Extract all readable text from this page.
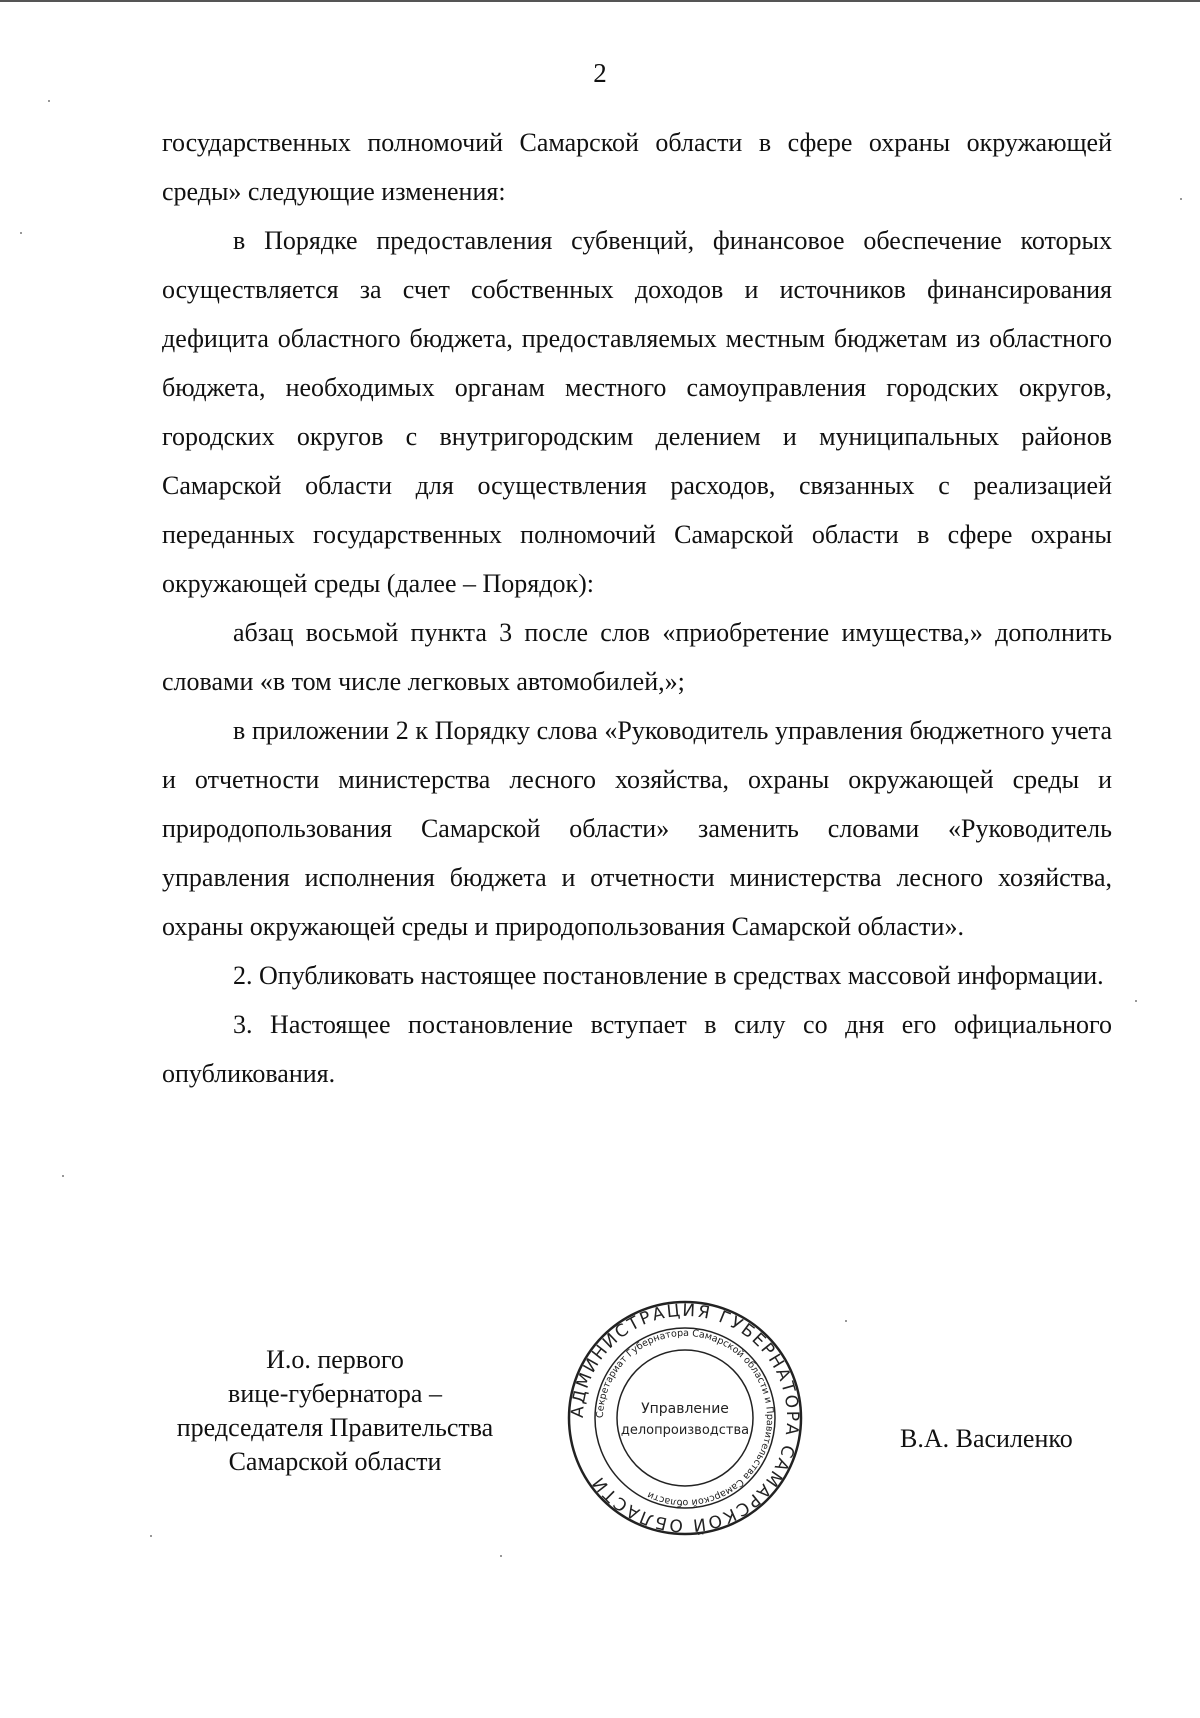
2

государственных полномочий Самарской области в сфере охраны окружающей среды» следующие изменения:

в Порядке предоставления субвенций, финансовое обеспечение которых осуществляется за счет собственных доходов и источников финансирования дефицита областного бюджета, предоставляемых местным бюджетам из областного бюджета, необходимых органам местного самоуправления городских округов, городских округов с внутригородским делением и муниципальных районов Самарской области для осуществления расходов, связанных с реализацией переданных государственных полномочий Самарской области в сфере охраны окружающей среды (далее – Порядок):

абзац восьмой пункта 3 после слов «приобретение имущества,» дополнить словами «в том числе легковых автомобилей,»;

в приложении 2 к Порядку слова «Руководитель управления бюджетного учета и отчетности министерства лесного хозяйства, охраны окружающей среды и природопользования Самарской области» заменить словами «Руководитель управления исполнения бюджета и отчетности министерства лесного хозяйства, охраны окружающей среды и природопользования Самарской области».

2. Опубликовать настоящее постановление в средствах массовой информации.

3. Настоящее постановление вступает в силу со дня его официального опубликования.

И.о. первого
вице-губернатора –
председателя Правительства
Самарской области
В.А. Василенко
АДМИНИСТРАЦИЯ ГУБЕРНАТОРА САМАРСКОЙ ОБЛАСТИ
Секретариат Губернатора Самарской области и Правительства Самарской области
Управление
делопроизводства
